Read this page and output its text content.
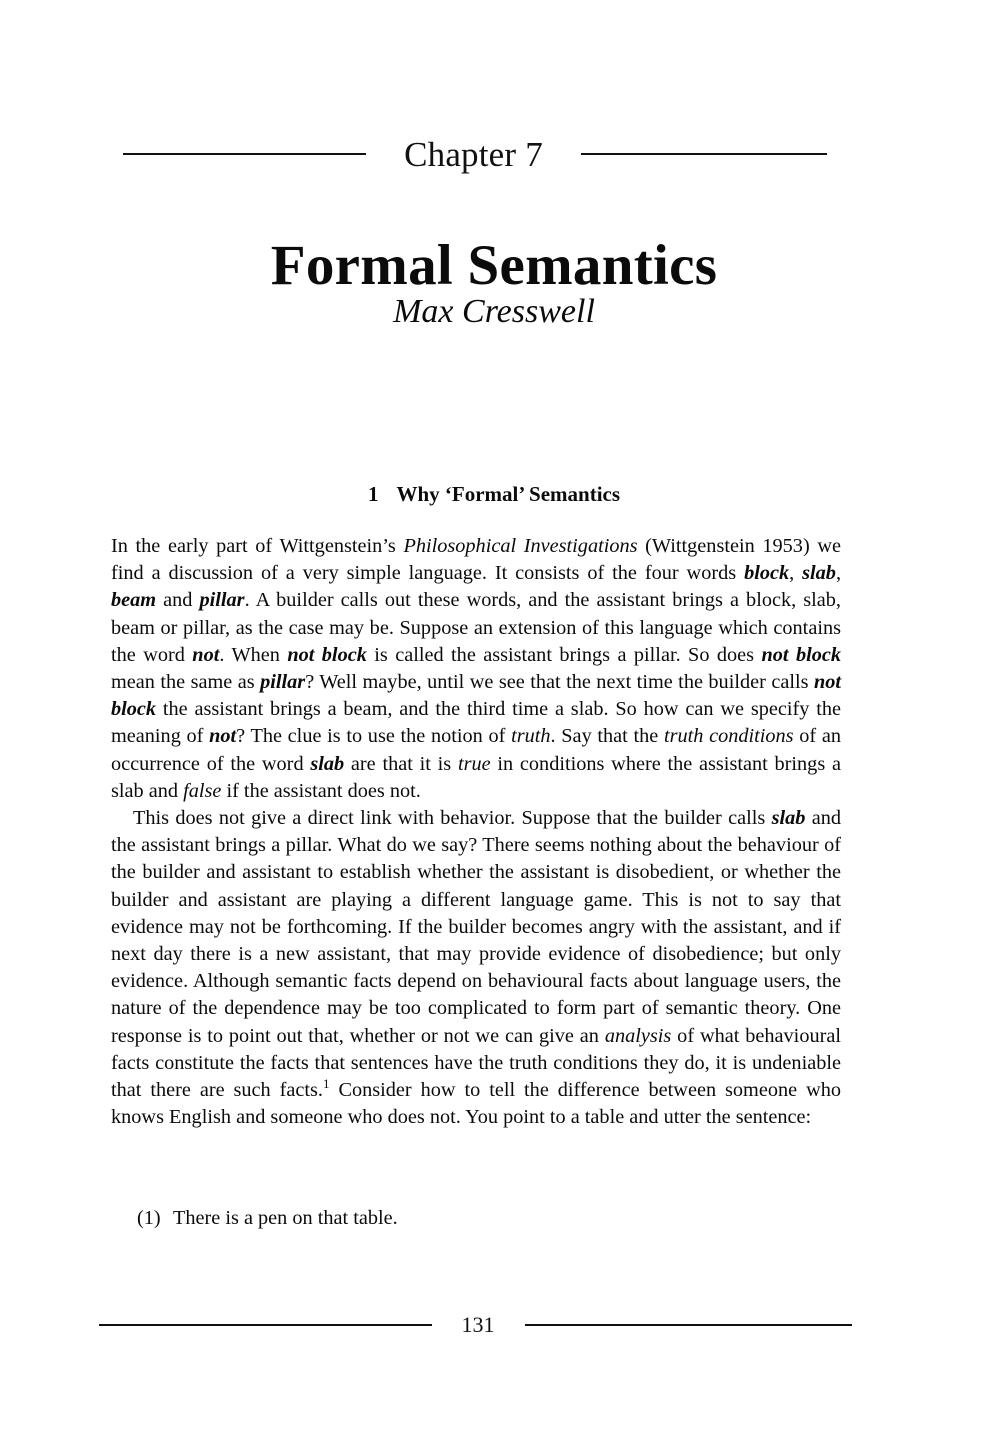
Chapter 7
Formal Semantics
Max Cresswell
1 Why ‘Formal’ Semantics

In the early part of Wittgenstein’s Philosophical Investigations (Wittgenstein 1953) we find a discussion of a very simple language. It consists of the four words block, slab, beam and pillar. A builder calls out these words, and the assistant brings a block, slab, beam or pillar, as the case may be. Suppose an extension of this language which contains the word not. When not block is called the assistant brings a pillar. So does not block mean the same as pillar? Well maybe, until we see that the next time the builder calls not block the assistant brings a beam, and the third time a slab. So how can we specify the meaning of not? The clue is to use the notion of truth. Say that the truth conditions of an occurrence of the word slab are that it is true in conditions where the assistant brings a slab and false if the assistant does not.

This does not give a direct link with behavior. Suppose that the builder calls slab and the assistant brings a pillar. What do we say? There seems nothing about the behaviour of the builder and assistant to establish whether the assistant is disobedient, or whether the builder and assistant are playing a different language game. This is not to say that evidence may not be forthcoming. If the builder becomes angry with the assistant, and if next day there is a new assistant, that may provide evidence of disobedience; but only evidence. Although semantic facts depend on behavioural facts about language users, the nature of the dependence may be too complicated to form part of semantic theory. One response is to point out that, whether or not we can give an analysis of what behavioural facts constitute the facts that sentences have the truth conditions they do, it is undeniable that there are such facts.$^1$ Consider how to tell the difference between someone who knows English and someone who does not. You point to a table and utter the sentence:

(1) There is a pen on that table.
131
